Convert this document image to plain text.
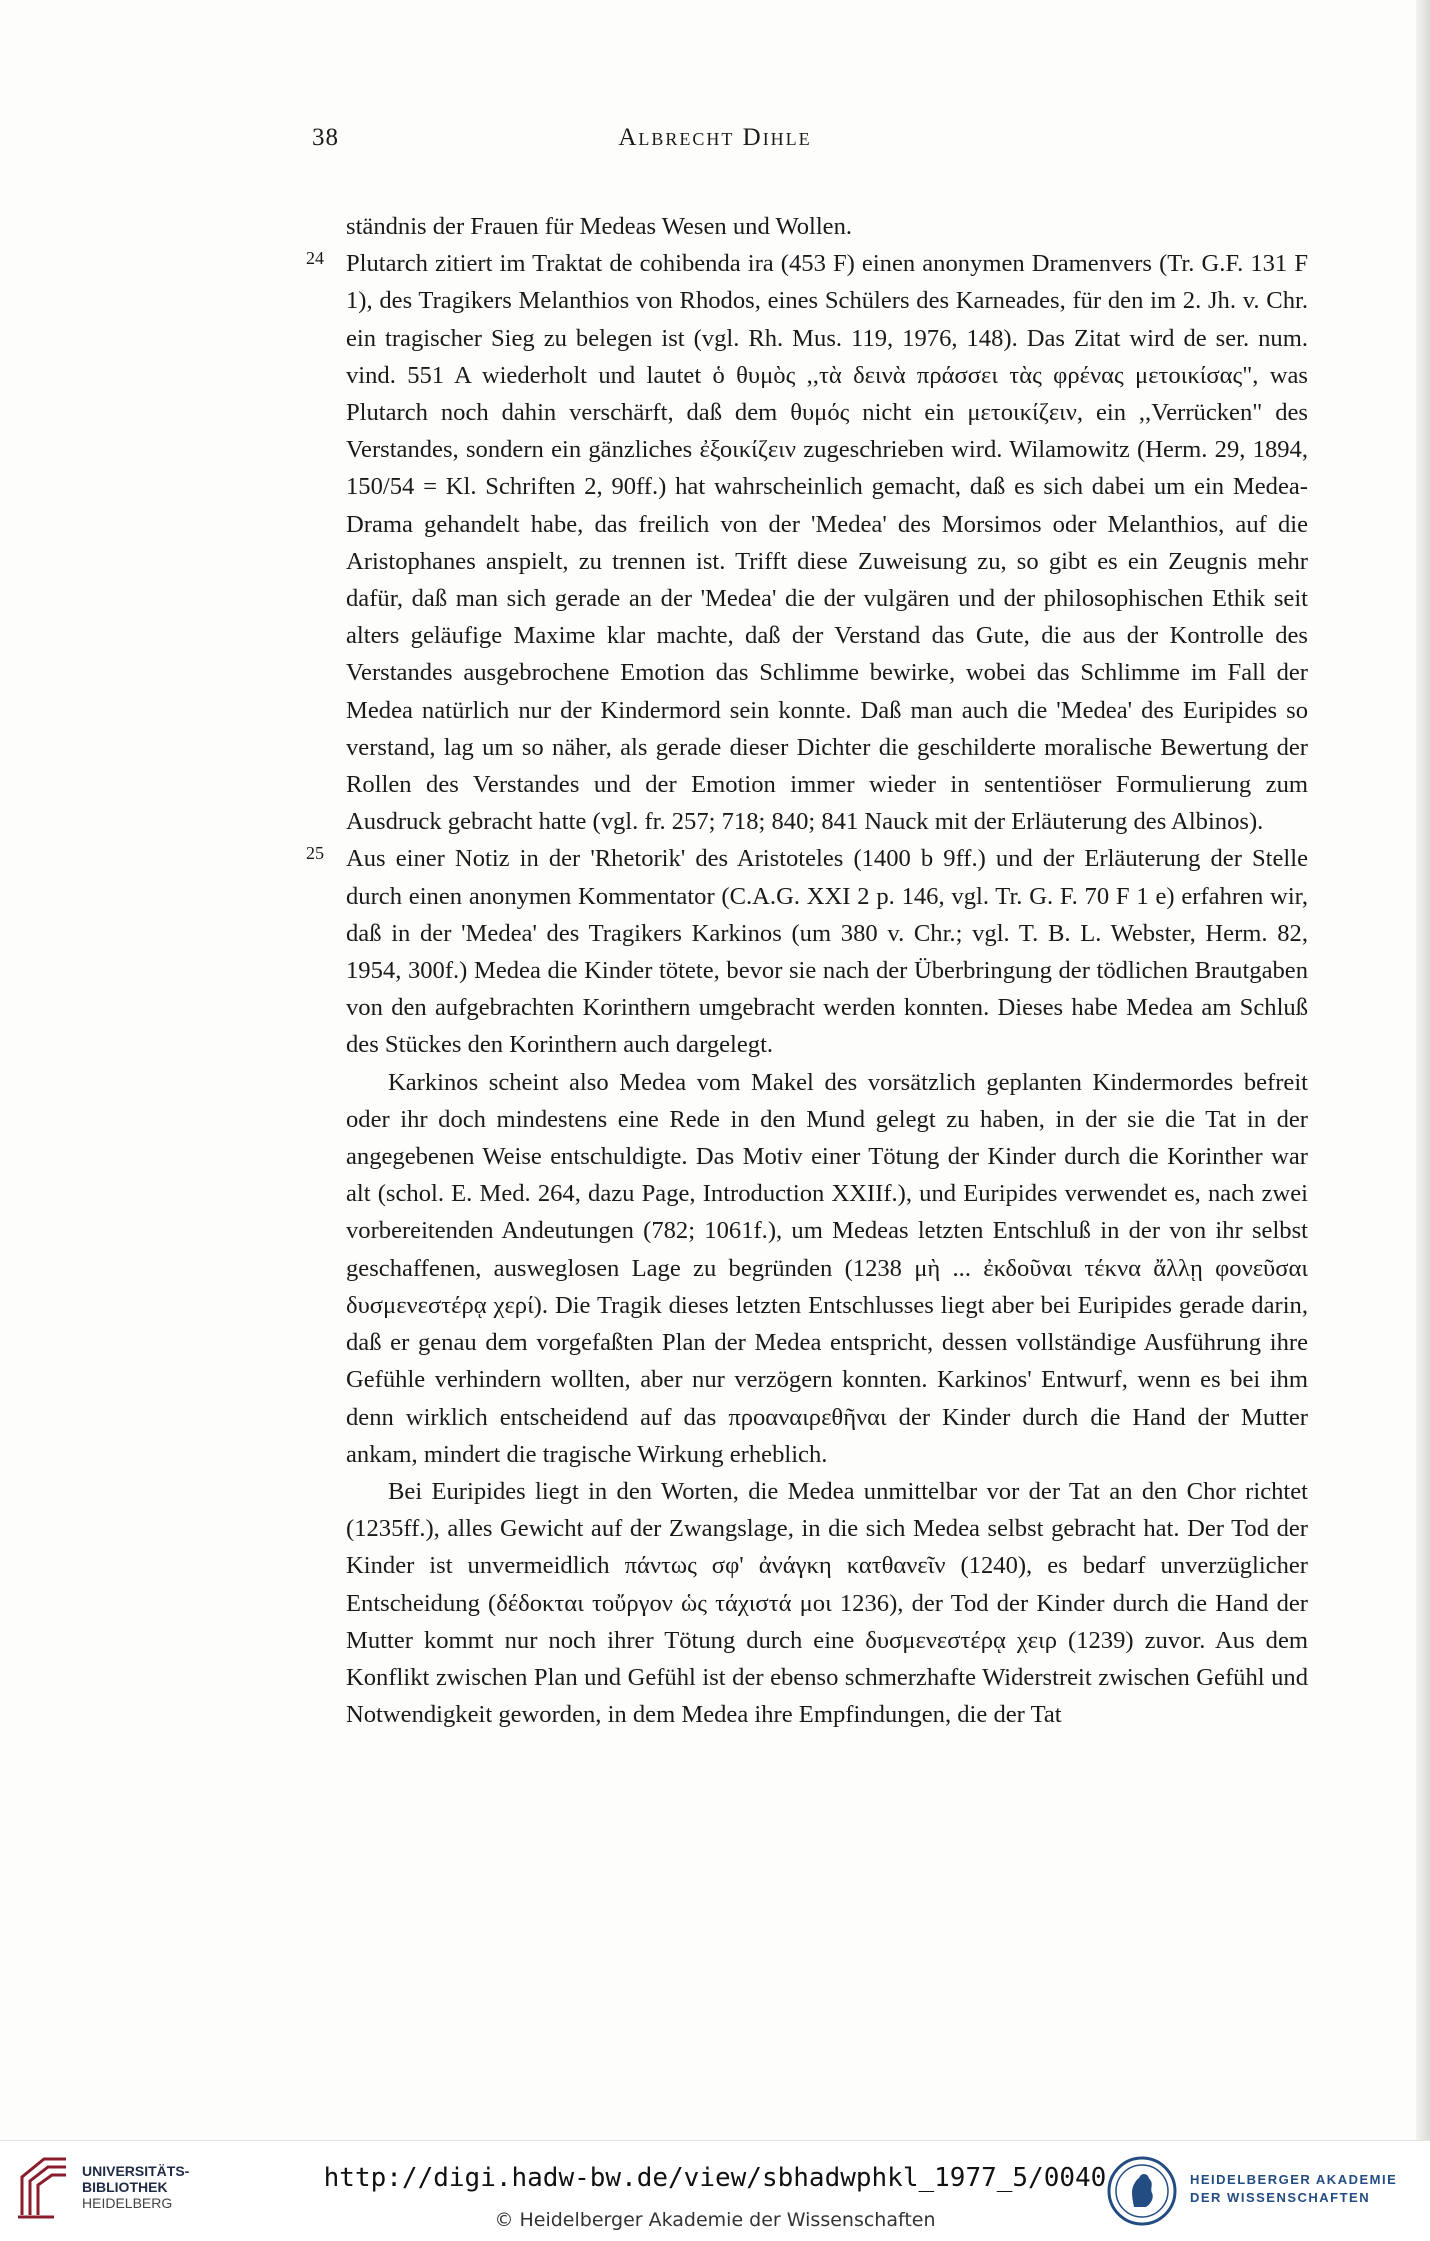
38	Albrecht Dihle

ständnis der Frauen für Medeas Wesen und Wollen.

24 Plutarch zitiert im Traktat de cohibenda ira (453 F) einen anonymen Dramenvers (Tr. G.F. 131 F 1), des Tragikers Melanthios von Rhodos, eines Schülers des Karneades, für den im 2. Jh. v. Chr. ein tragischer Sieg zu belegen ist (vgl. Rh. Mus. 119, 1976, 148). Das Zitat wird de ser. num. vind. 551 A wiederholt und lautet ὁ θυμὸς ,,τὰ δεινὰ πράσσει τὰς φρένας μετοικίσας", was Plutarch noch dahin verschärft, daß dem θυμός nicht ein μετοικίζειν, ein ,,Verrücken" des Verstandes, sondern ein gänzliches ἐξοικίζειν zugeschrieben wird. Wilamowitz (Herm. 29, 1894, 150/54 = Kl. Schriften 2, 90ff.) hat wahrscheinlich gemacht, daß es sich dabei um ein Medea-Drama gehandelt habe, das freilich von der 'Medea' des Morsimos oder Melanthios, auf die Aristophanes anspielt, zu trennen ist. Trifft diese Zuweisung zu, so gibt es ein Zeugnis mehr dafür, daß man sich gerade an der 'Medea' die der vulgären und der philosophischen Ethik seit alters geläufige Maxime klar machte, daß der Verstand das Gute, die aus der Kontrolle des Verstandes ausgebrochene Emotion das Schlimme bewirke, wobei das Schlimme im Fall der Medea natürlich nur der Kindermord sein konnte. Daß man auch die 'Medea' des Euripides so verstand, lag um so näher, als gerade dieser Dichter die geschilderte moralische Bewertung der Rollen des Verstandes und der Emotion immer wieder in sententiöser Formulierung zum Ausdruck gebracht hatte (vgl. fr. 257; 718; 840; 841 Nauck mit der Erläuterung des Albinos).

25 Aus einer Notiz in der 'Rhetorik' des Aristoteles (1400 b 9ff.) und der Erläuterung der Stelle durch einen anonymen Kommentator (C.A.G. XXI 2 p. 146, vgl. Tr. G. F. 70 F 1 e) erfahren wir, daß in der 'Medea' des Tragikers Karkinos (um 380 v. Chr.; vgl. T. B. L. Webster, Herm. 82, 1954, 300f.) Medea die Kinder tötete, bevor sie nach der Überbringung der tödlichen Brautgaben von den aufgebrachten Korinthern umgebracht werden konnten. Dieses habe Medea am Schluß des Stückes den Korinthern auch dargelegt.

Karkinos scheint also Medea vom Makel des vorsätzlich geplanten Kindermordes befreit oder ihr doch mindestens eine Rede in den Mund gelegt zu haben, in der sie die Tat in der angegebenen Weise entschuldigte. Das Motiv einer Tötung der Kinder durch die Korinther war alt (schol. E. Med. 264, dazu Page, Introduction XXIIf.), und Euripides verwendet es, nach zwei vorbereitenden Andeutungen (782; 1061f.), um Medeas letzten Entschluß in der von ihr selbst geschaffenen, ausweglosen Lage zu begründen (1238 μὴ ... ἐκδοῦναι τέκνα ἄλλῃ φονεῦσαι δυσμενεστέρᾳ χερί). Die Tragik dieses letzten Entschlusses liegt aber bei Euripides gerade darin, daß er genau dem vorgefaßten Plan der Medea entspricht, dessen vollständige Ausführung ihre Gefühle verhindern wollten, aber nur verzögern konnten. Karkinos' Entwurf, wenn es bei ihm denn wirklich entscheidend auf das προαναιρεθῆναι der Kinder durch die Hand der Mutter ankam, mindert die tragische Wirkung erheblich.

Bei Euripides liegt in den Worten, die Medea unmittelbar vor der Tat an den Chor richtet (1235ff.), alles Gewicht auf der Zwangslage, in die sich Medea selbst gebracht hat. Der Tod der Kinder ist unvermeidlich πάντως σφ' ἀνάγκη κατθανεῖν (1240), es bedarf unverzüglicher Entscheidung (δέδοκται τοὔργον ὡς τάχιστά μοι 1236), der Tod der Kinder durch die Hand der Mutter kommt nur noch ihrer Tötung durch eine δυσμενεστέρᾳ χειρ (1239) zuvor. Aus dem Konflikt zwischen Plan und Gefühl ist der ebenso schmerzhafte Widerstreit zwischen Gefühl und Notwendigkeit geworden, in dem Medea ihre Empfindungen, die der Tat

UNIVERSITÄTS-
BIBLIOTHEK
HEIDELBERG
http://digi.hadw-bw.de/view/sbhadwphkl_1977_5/0040
© Heidelberger Akademie der Wissenschaften
HEIDELBERGER AKADEMIE
DER WISSENSCHAFTEN
